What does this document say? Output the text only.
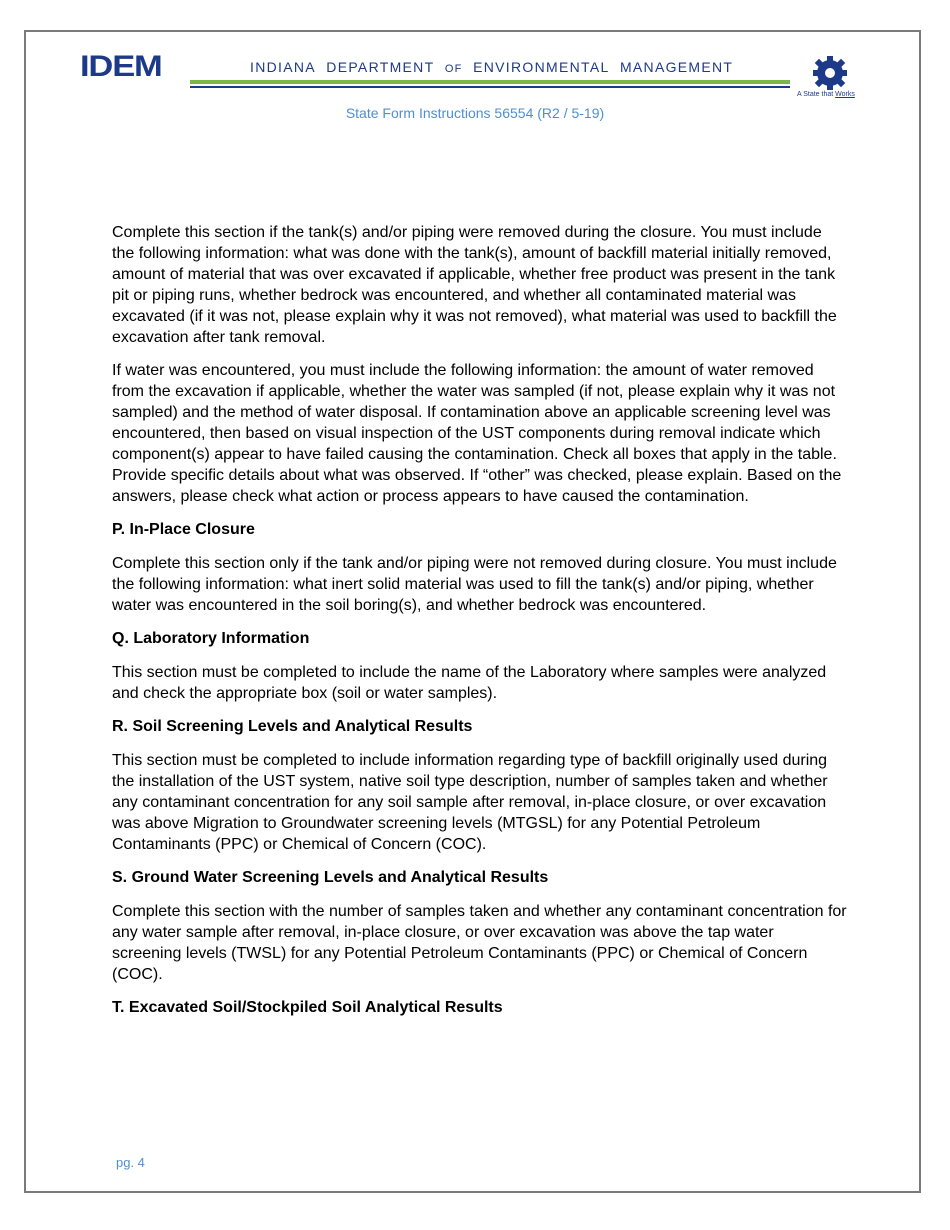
IDEM	INDIANA DEPARTMENT OF ENVIRONMENTAL MANAGEMENT
A State that Works
State Form Instructions 56554 (R2 / 5-19)

Complete this section if the tank(s) and/or piping were removed during the closure. You must include the following information: what was done with the tank(s), amount of backfill material initially removed, amount of material that was over excavated if applicable, whether free product was present in the tank pit or piping runs, whether bedrock was encountered, and whether all contaminated material was excavated (if it was not, please explain why it was not removed), what material was used to backfill the excavation after tank removal.

If water was encountered, you must include the following information: the amount of water removed from the excavation if applicable, whether the water was sampled (if not, please explain why it was not sampled) and the method of water disposal. If contamination above an applicable screening level was encountered, then based on visual inspection of the UST components during removal indicate which component(s) appear to have failed causing the contamination. Check all boxes that apply in the table. Provide specific details about what was observed. If “other” was checked, please explain. Based on the answers, please check what action or process appears to have caused the contamination.

P. In-Place Closure

Complete this section only if the tank and/or piping were not removed during closure. You must include the following information: what inert solid material was used to fill the tank(s) and/or piping, whether water was encountered in the soil boring(s), and whether bedrock was encountered.

Q. Laboratory Information

This section must be completed to include the name of the Laboratory where samples were analyzed and check the appropriate box (soil or water samples).

R. Soil Screening Levels and Analytical Results

This section must be completed to include information regarding type of backfill originally used during the installation of the UST system, native soil type description, number of samples taken and whether any contaminant concentration for any soil sample after removal, in-place closure, or over excavation was above Migration to Groundwater screening levels (MTGSL) for any Potential Petroleum Contaminants (PPC) or Chemical of Concern (COC).

S. Ground Water Screening Levels and Analytical Results

Complete this section with the number of samples taken and whether any contaminant concentration for any water sample after removal, in-place closure, or over excavation was above the tap water screening levels (TWSL) for any Potential Petroleum Contaminants (PPC) or Chemical of Concern (COC).

T. Excavated Soil/Stockpiled Soil Analytical Results
pg. 4
